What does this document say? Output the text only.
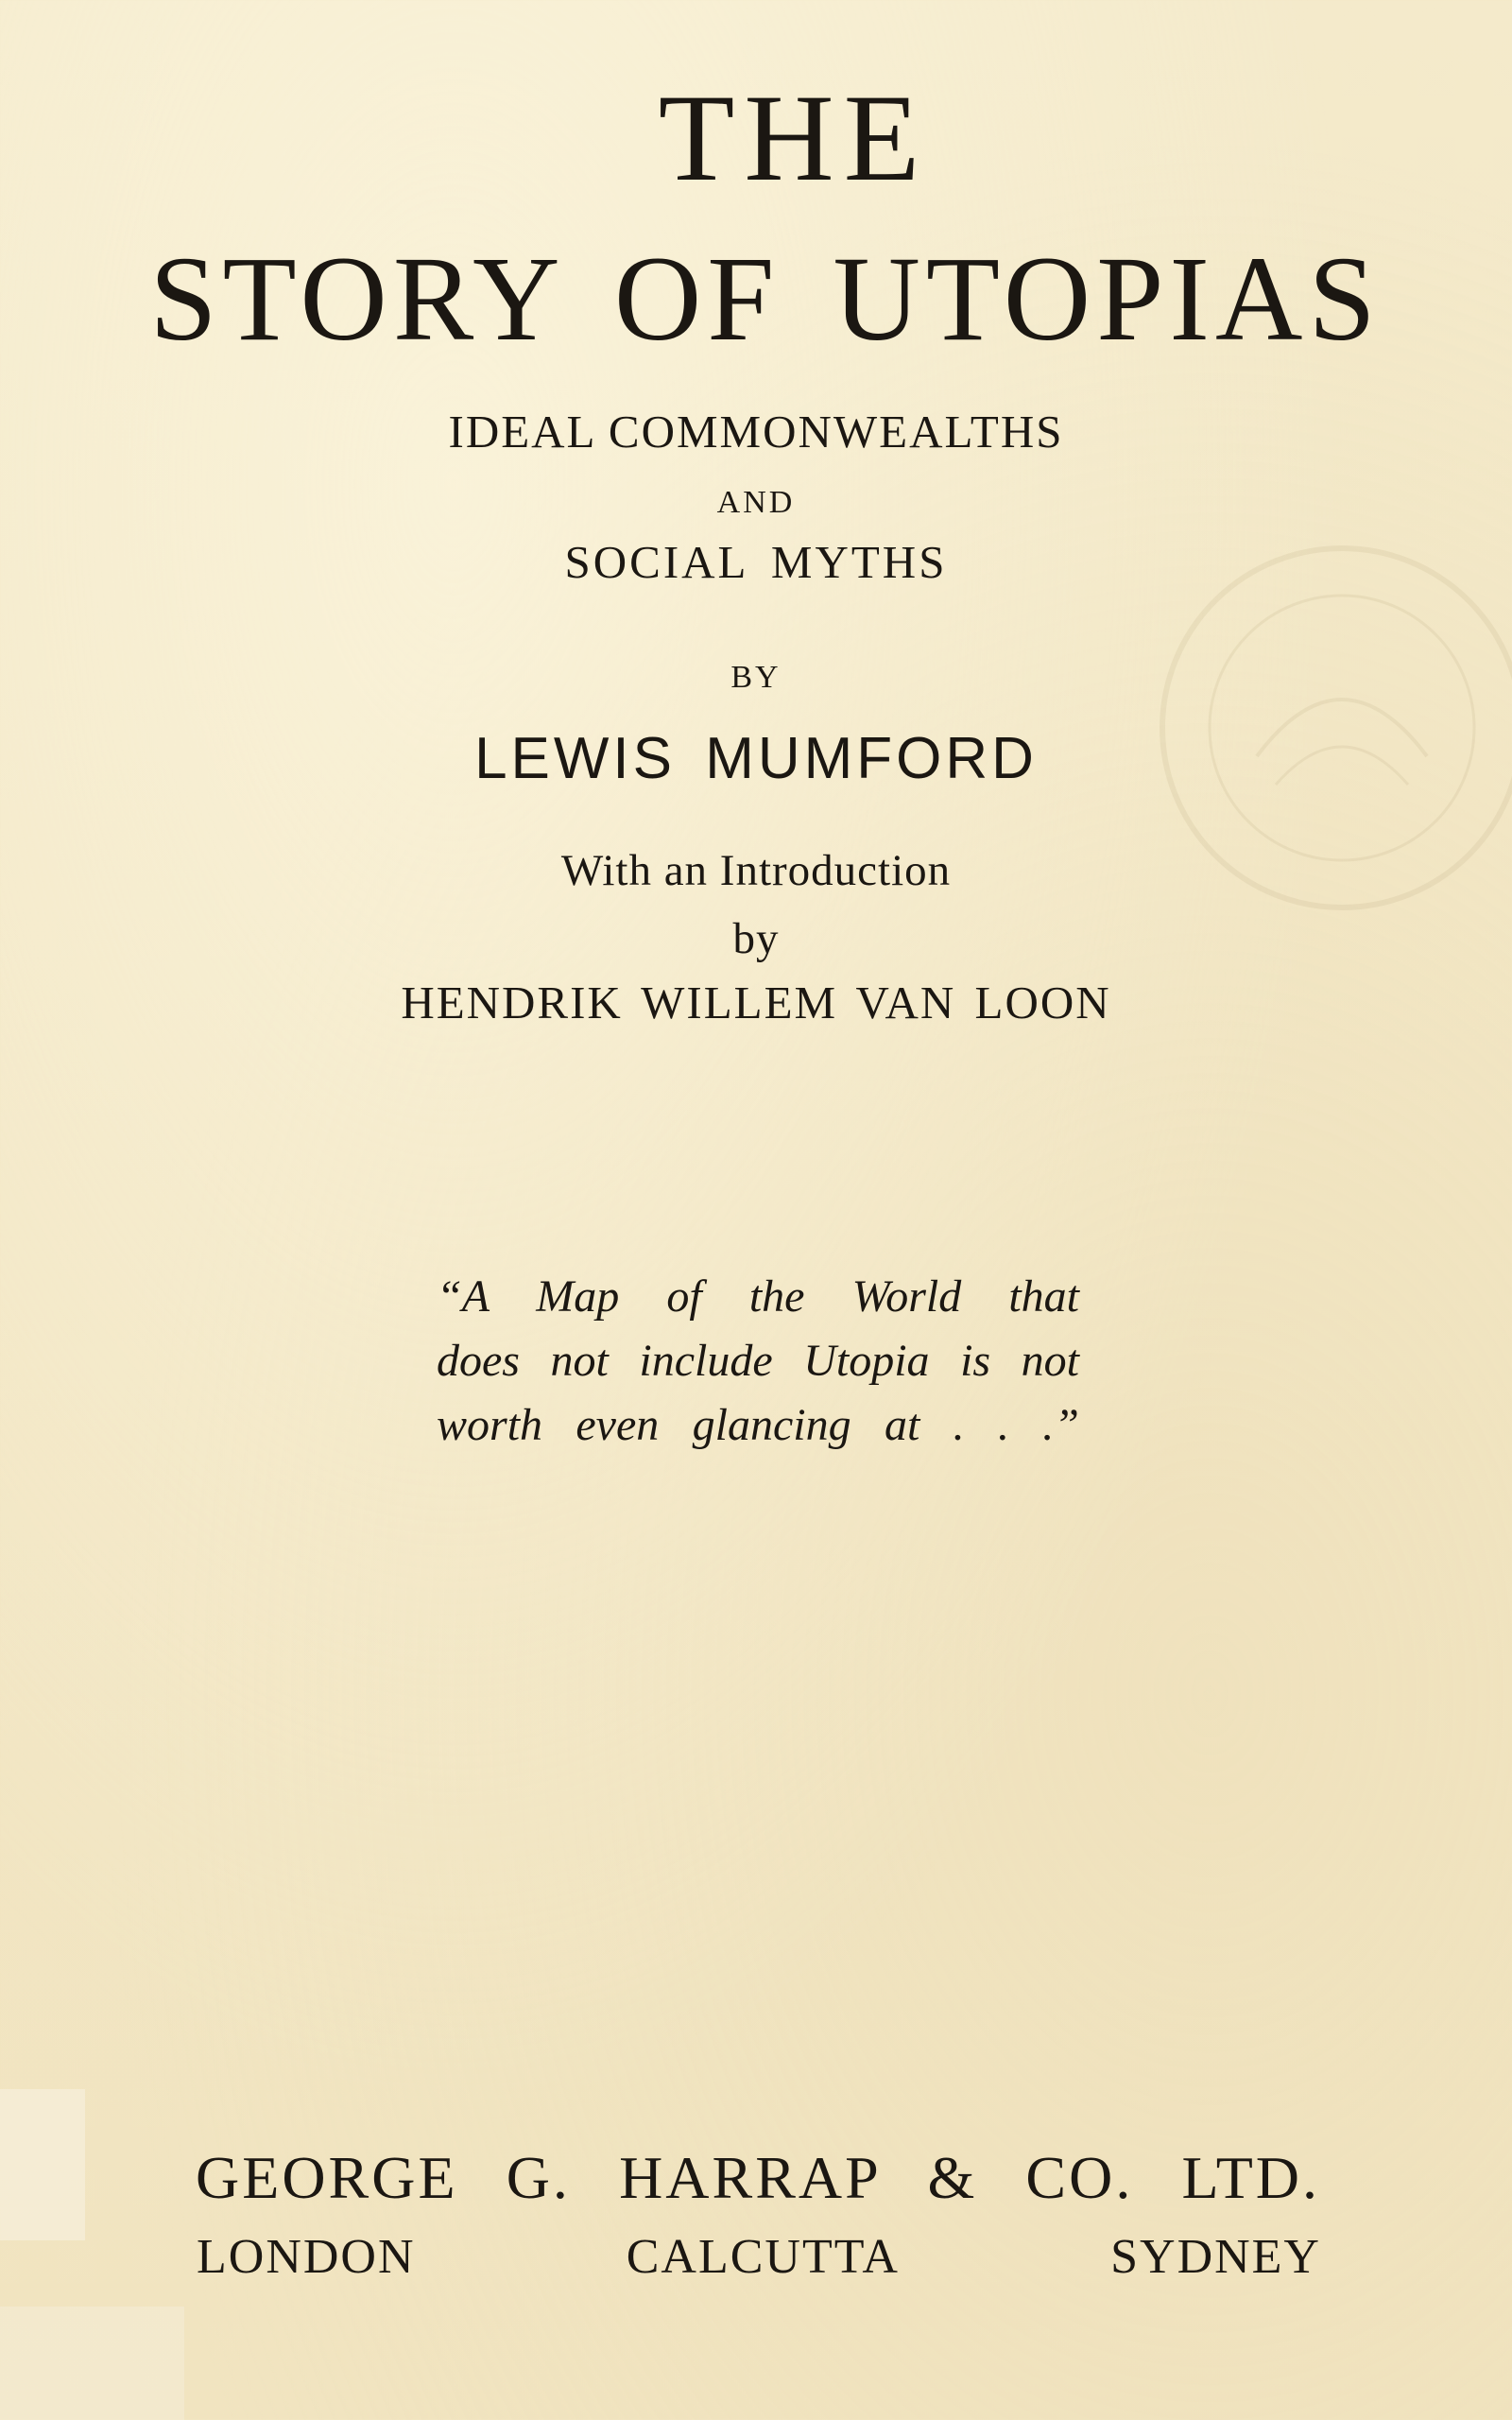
THE
STORY OF UTOPIAS
IDEAL COMMONWEALTHS
AND
SOCIAL MYTHS
BY
LEWIS MUMFORD
With an Introduction
by
HENDRIK WILLEM VAN LOON
“A Map of the World that
does not include Utopia is not
worth even glancing at . . .”
GEORGE G. HARRAP & CO. LTD.
LONDON	CALCUTTA	SYDNEY
